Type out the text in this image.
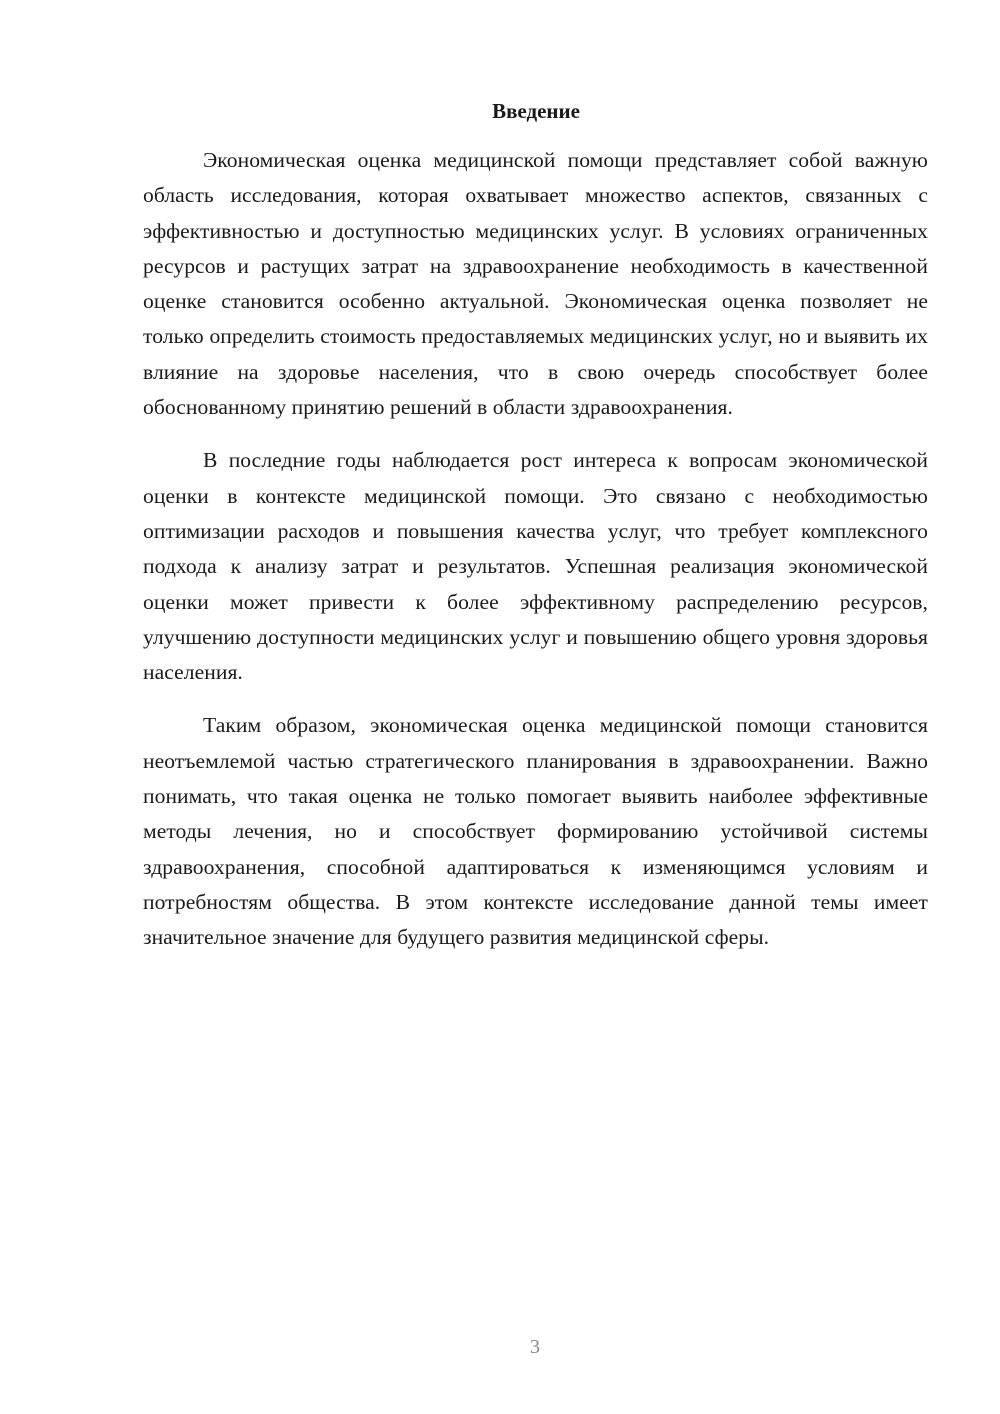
Введение

Экономическая оценка медицинской помощи представляет собой важную область исследования, которая охватывает множество аспектов, связанных с эффективностью и доступностью медицинских услуг. В условиях ограниченных ресурсов и растущих затрат на здравоохранение необходимость в качественной оценке становится особенно актуальной. Экономическая оценка позволяет не только определить стоимость предоставляемых медицинских услуг, но и выявить их влияние на здоровье населения, что в свою очередь способствует более обоснованному принятию решений в области здравоохранения.

В последние годы наблюдается рост интереса к вопросам экономической оценки в контексте медицинской помощи. Это связано с необходимостью оптимизации расходов и повышения качества услуг, что требует комплексного подхода к анализу затрат и результатов. Успешная реализация экономической оценки может привести к более эффективному распределению ресурсов, улучшению доступности медицинских услуг и повышению общего уровня здоровья населения.

Таким образом, экономическая оценка медицинской помощи становится неотъемлемой частью стратегического планирования в здравоохранении. Важно понимать, что такая оценка не только помогает выявить наиболее эффективные методы лечения, но и способствует формированию устойчивой системы здравоохранения, способной адаптироваться к изменяющимся условиям и потребностям общества. В этом контексте исследование данной темы имеет значительное значение для будущего развития медицинской сферы.

3
